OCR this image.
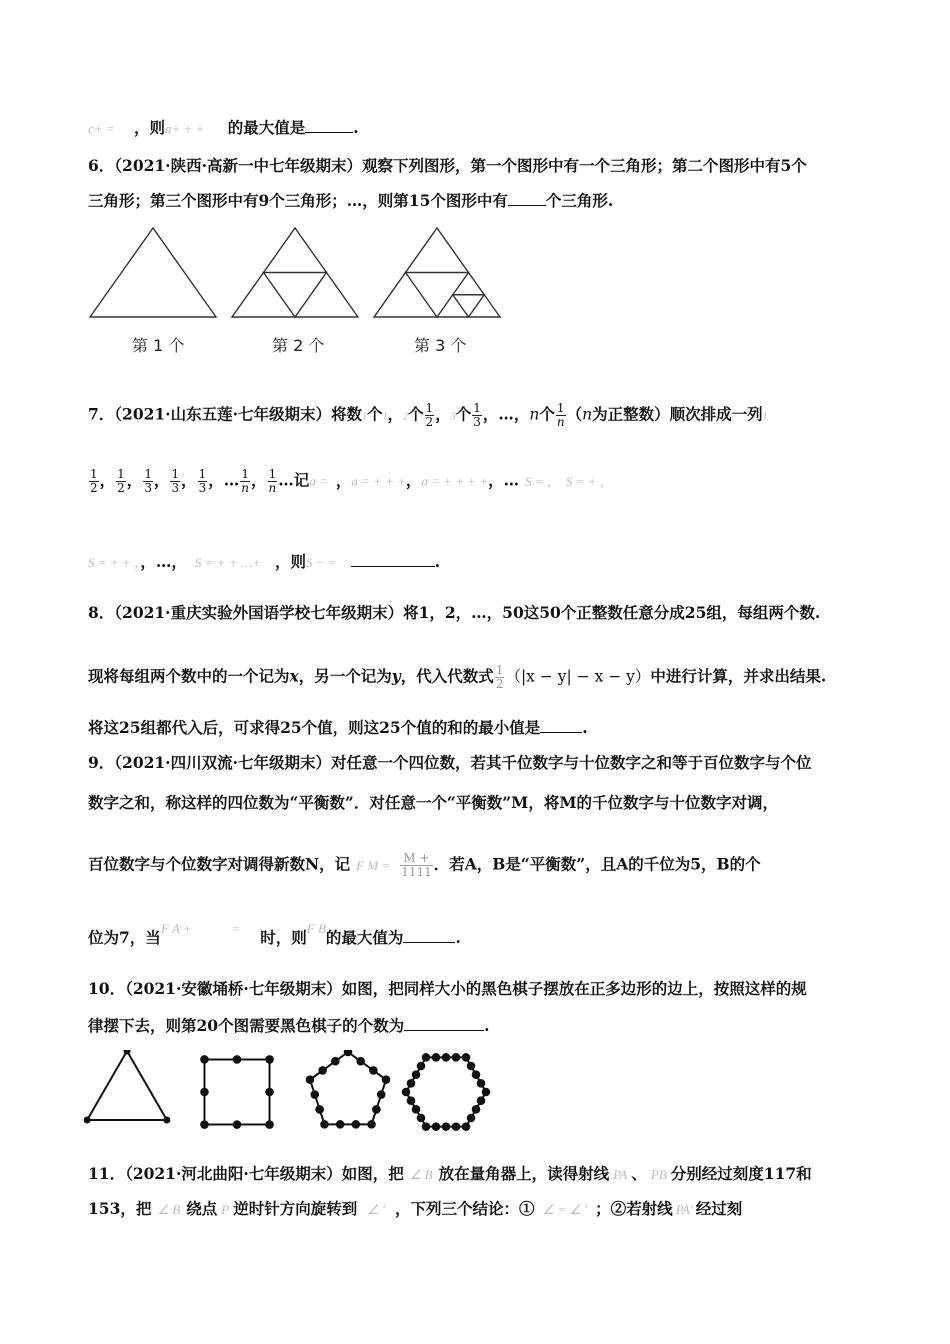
c+ = ，则a+ + + 的最大值是	.
6．（2021·陕西·高新一中七年级期末）观察下列图形，第一个图形中有一个三角形；第二个图形中有5个
三角形；第三个图形中有9个三角形；…，则第15个图形中有 个三角形.
第 1 个	第 2 个	第 3 个
7．（2021·山东五莲·七年级期末）将数1个1，2个 $\frac{1}{2}$ ，3个 $\frac{1}{3}$ ，…，n个 $\frac{1}{n} (n$为正整数）顺次排成一列1
$\frac{1}{2}$ ， $\frac{1}{2}$ ， $\frac{1}{3}$ ， $\frac{1}{3}$ ， $\frac{1}{3}$ ，… $\frac{1}{n}$ ， $\frac{1}{n}$ …记a = ，a = + + +，a = + + + +，… S = ， S = + ，
S = + + ，，…， S = + + …+ ，则S − =	.
8．（2021·重庆实验外国语学校七年级期末）将1，2，…，50这50个正整数任意分成25组，每组两个数.
现将每组两个数中的一个记为x，另一个记为y，代入代数式 $\frac{1}{2} (|x - y| - x - y)$中进行计算，并求出结果.
将这25组都代入后，可求得25个值，则这25个值的和的最小值是	.
9．（2021·四川双流·七年级期末）对任意一个四位数，若其千位数字与十位数字之和等于百位数字与个位
数字之和，称这样的四位数为“平衡数”．对任意一个“平衡数”M，将M的千位数字与十位数字对调，
百位数字与个位数字对调得新数N，记 F $M = \frac{M +}{1111}$ ．若A，B是“平衡数”，且A的千位为5，B的个
位为7，当$^{F A +}$	= 时，则$^{F B}$的最大值为	.
10．（2021·安徽埇桥·七年级期末）如图，把同样大小的黑色棋子摆放在正多边形的边上，按照这样的规
律摆下去，则第20个图需要黑色棋子的个数为	.
11．（2021·河北曲阳·七年级期末）如图，把 ∠ B 放在量角器上，读得射线 PA 、 PB 分别经过刻度117和
153，把 ∠ B 绕点 P 逆时针方向旋转到 ∠ ′ ，下列三个结论：① ∠ = ∠ ′ ；②若射线 PA′ 经过刻
